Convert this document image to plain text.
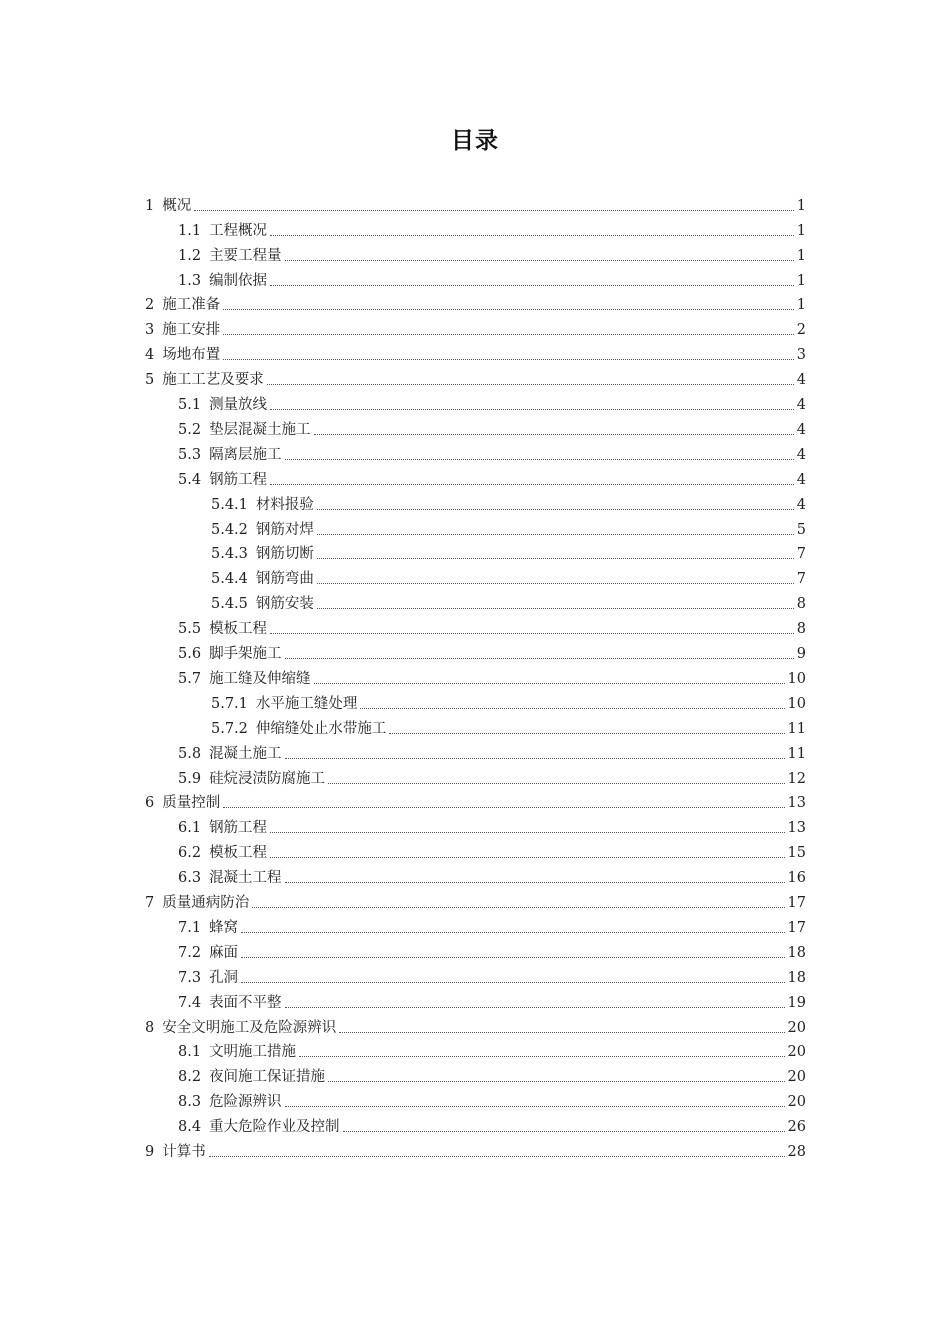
目录
1 概况	1
1.1 工程概况	1
1.2 主要工程量	1
1.3 编制依据	1
2 施工准备	1
3 施工安排	2
4 场地布置	3
5 施工工艺及要求	4
5.1 测量放线	4
5.2 垫层混凝土施工	4
5.3 隔离层施工	4
5.4 钢筋工程	4
5.4.1 材料报验	4
5.4.2 钢筋对焊	5
5.4.3 钢筋切断	7
5.4.4 钢筋弯曲	7
5.4.5 钢筋安装	8
5.5 模板工程	8
5.6 脚手架施工	9
5.7 施工缝及伸缩缝	10
5.7.1 水平施工缝处理	10
5.7.2 伸缩缝处止水带施工	11
5.8 混凝土施工	11
5.9 硅烷浸渍防腐施工	12
6 质量控制	13
6.1 钢筋工程	13
6.2 模板工程	15
6.3 混凝土工程	16
7 质量通病防治	17
7.1 蜂窝	17
7.2 麻面	18
7.3 孔洞	18
7.4 表面不平整	19
8 安全文明施工及危险源辨识	20
8.1 文明施工措施	20
8.2 夜间施工保证措施	20
8.3 危险源辨识	20
8.4 重大危险作业及控制	26
9 计算书	28
